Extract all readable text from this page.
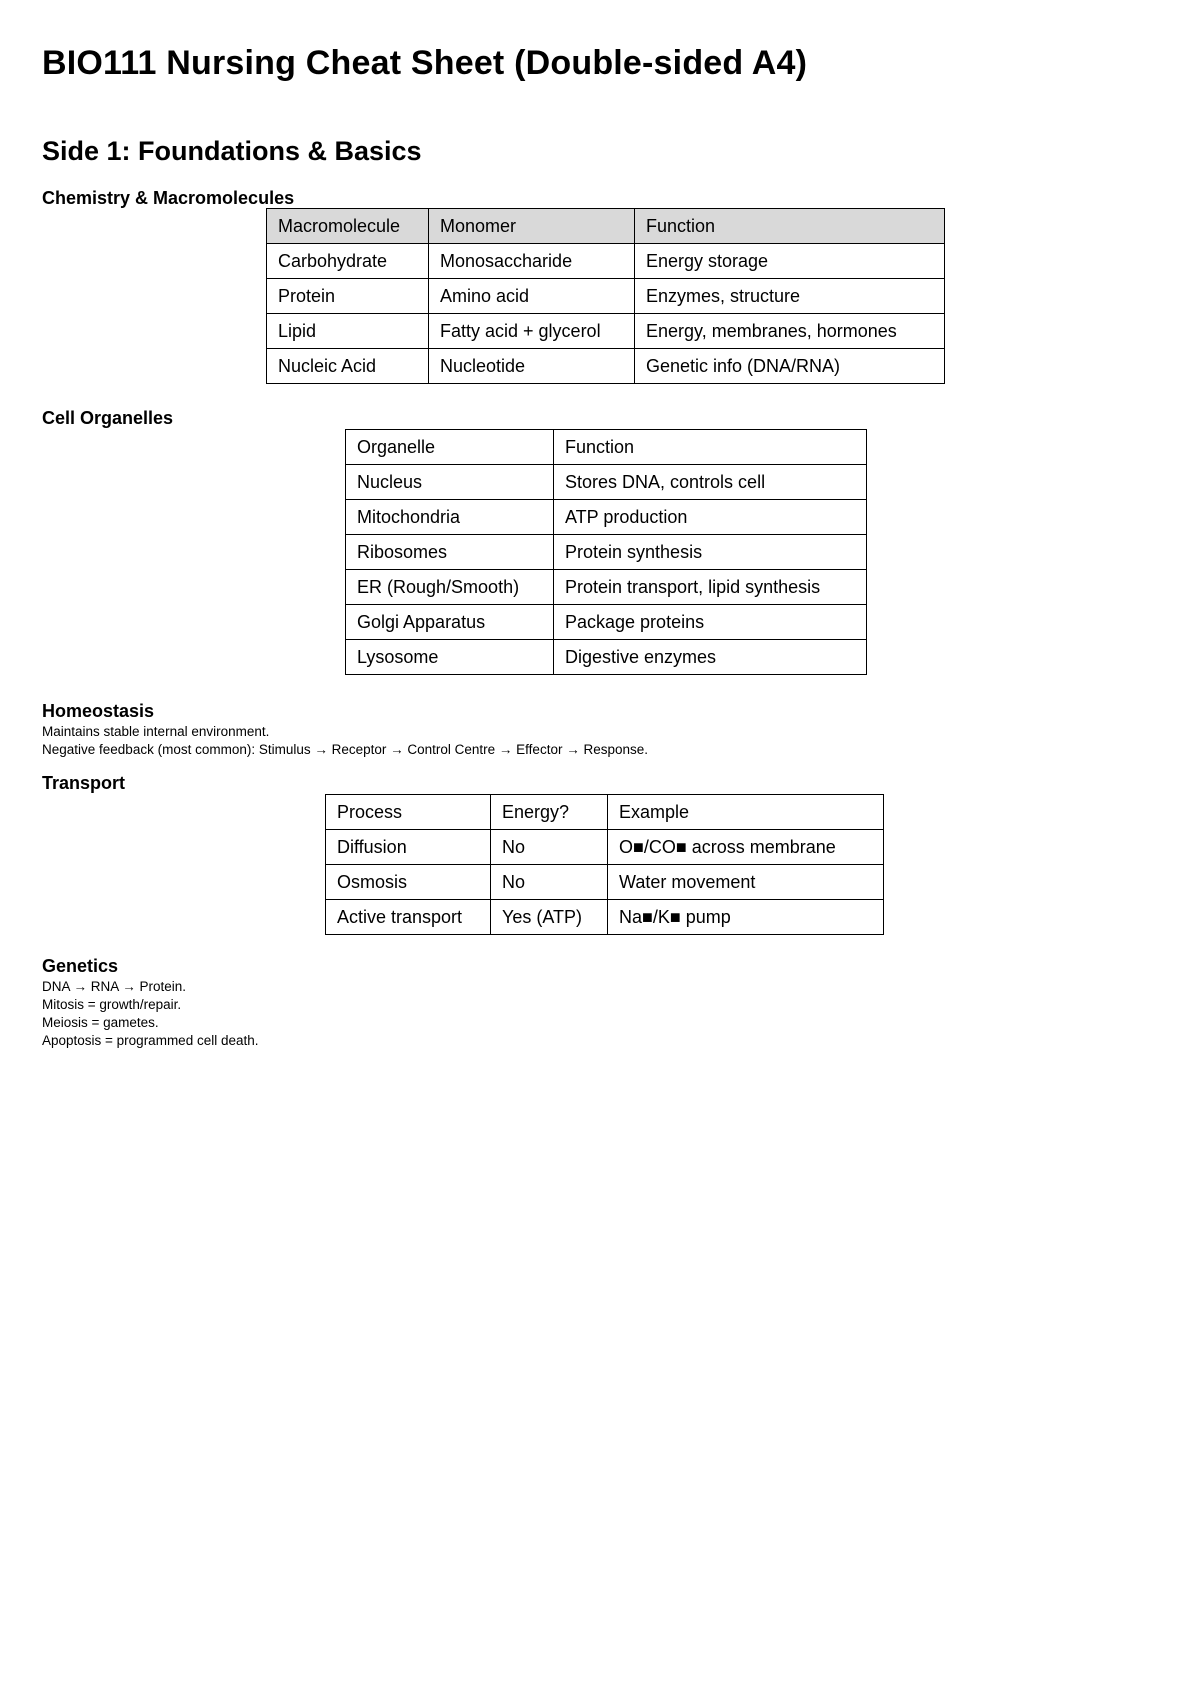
BIO111 Nursing Cheat Sheet (Double-sided A4)
Side 1: Foundations & Basics
Chemistry & Macromolecules
Macromolecule	Monomer	Function
Carbohydrate	Monosaccharide	Energy storage
Protein	Amino acid	Enzymes, structure
Lipid	Fatty acid + glycerol	Energy, membranes, hormones
Nucleic Acid	Nucleotide	Genetic info (DNA/RNA)
Cell Organelles
Organelle	Function
Nucleus	Stores DNA, controls cell
Mitochondria	ATP production
Ribosomes	Protein synthesis
ER (Rough/Smooth)	Protein transport, lipid synthesis
Golgi Apparatus	Package proteins
Lysosome	Digestive enzymes
Homeostasis
Maintains stable internal environment.
Negative feedback (most common): Stimulus → Receptor → Control Centre → Effector → Response.
Transport
Process	Energy?	Example
Diffusion	No	O■/CO■ across membrane
Osmosis	No	Water movement
Active transport	Yes (ATP)	Na■/K■ pump
Genetics
DNA → RNA → Protein.
Mitosis = growth/repair.
Meiosis = gametes.
Apoptosis = programmed cell death.
